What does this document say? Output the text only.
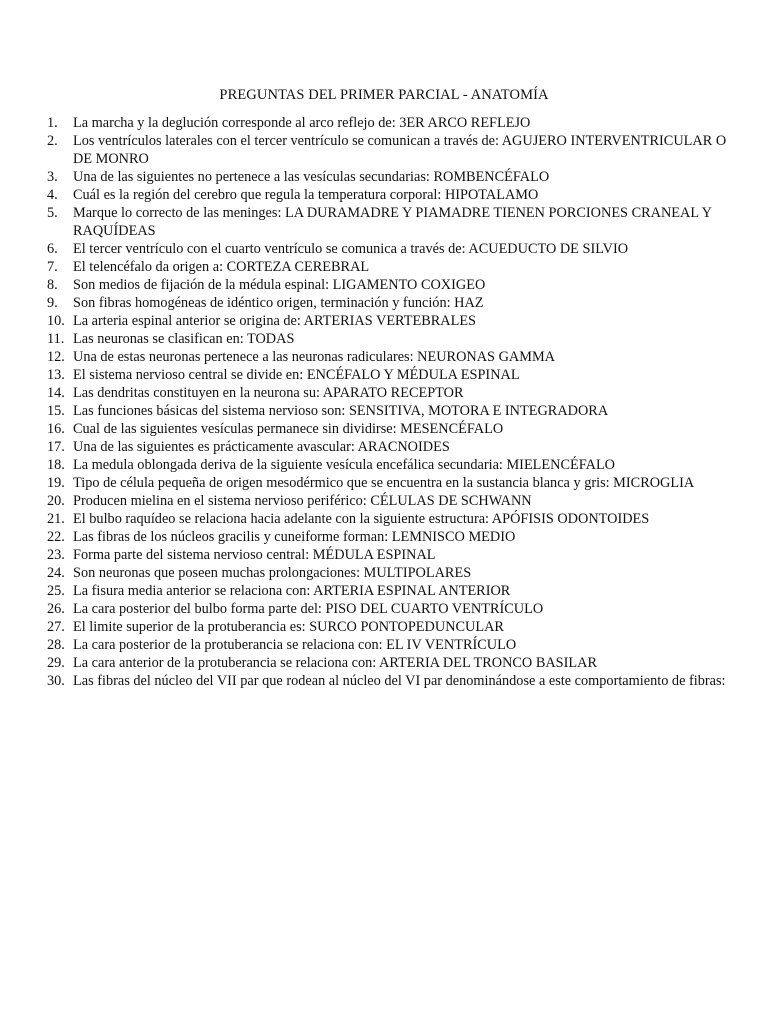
PREGUNTAS DEL PRIMER PARCIAL - ANATOMÍA
1.	La marcha y la deglución corresponde al arco reflejo de: 3ER ARCO REFLEJO
2.	Los ventrículos laterales con el tercer ventrículo se comunican a través de: AGUJERO INTERVENTRICULAR O DE MONRO
3.	Una de las siguientes no pertenece a las vesículas secundarias: ROMBENCÉFALO
4.	Cuál es la región del cerebro que regula la temperatura corporal: HIPOTALAMO
5.	Marque lo correcto de las meninges: LA DURAMADRE Y PIAMADRE TIENEN PORCIONES CRANEAL Y RAQUÍDEAS
6.	El tercer ventrículo con el cuarto ventrículo se comunica a través de: ACUEDUCTO DE SILVIO
7.	El telencéfalo da origen a: CORTEZA CEREBRAL
8.	Son medios de fijación de la médula espinal: LIGAMENTO COXIGEO
9.	Son fibras homogéneas de idéntico origen, terminación y función: HAZ
10. La arteria espinal anterior se origina de: ARTERIAS VERTEBRALES
11. Las neuronas se clasifican en: TODAS
12. Una de estas neuronas pertenece a las neuronas radiculares: NEURONAS GAMMA
13. El sistema nervioso central se divide en: ENCÉFALO Y MÉDULA ESPINAL
14. Las dendritas constituyen en la neurona su: APARATO RECEPTOR
15. Las funciones básicas del sistema nervioso son: SENSITIVA, MOTORA E INTEGRADORA
16. Cual de las siguientes vesículas permanece sin dividirse: MESENCÉFALO
17. Una de las siguientes es prácticamente avascular: ARACNOIDES
18. La medula oblongada deriva de la siguiente vesícula encefálica secundaria: MIELENCÉFALO
19. Tipo de célula pequeña de origen mesodérmico que se encuentra en la sustancia blanca y gris: MICROGLIA
20. Producen mielina en el sistema nervioso periférico: CÉLULAS DE SCHWANN
21. El bulbo raquídeo se relaciona hacia adelante con la siguiente estructura: APÓFISIS ODONTOIDES
22. Las fibras de los núcleos gracilis y cuneiforme forman: LEMNISCO MEDIO
23. Forma parte del sistema nervioso central: MÉDULA ESPINAL
24. Son neuronas que poseen muchas prolongaciones: MULTIPOLARES
25. La fisura media anterior se relaciona con: ARTERIA ESPINAL ANTERIOR
26. La cara posterior del bulbo forma parte del: PISO DEL CUARTO VENTRÍCULO
27. El limite superior de la protuberancia es: SURCO PONTOPEDUNCULAR
28. La cara posterior de la protuberancia se relaciona con: EL IV VENTRÍCULO
29. La cara anterior de la protuberancia se relaciona con: ARTERIA DEL TRONCO BASILAR
30. Las fibras del núcleo del VII par que rodean al núcleo del VI par denominándose a este comportamiento de fibras:
